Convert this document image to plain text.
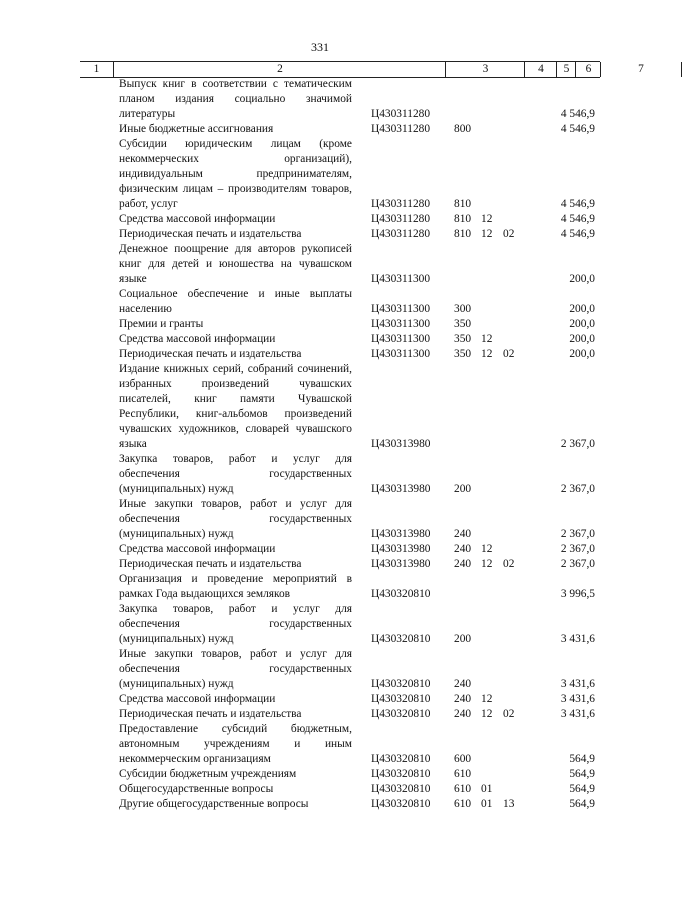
331
1	2	3	4	5	6	7
Выпуск книг в соответствии с тематическим планом издания социально значимой литературы	Ц430311280	4 546,9
Иные бюджетные ассигнования	Ц430311280 800	4 546,9
Субсидии юридическим лицам (кроме некоммерческих организаций), индивидуальным предпринимателям, физическим лицам – производителям товаров, работ, услуг	Ц430311280 810	4 546,9
Средства массовой информации	Ц430311280 810 12	4 546,9
Периодическая печать и издательства	Ц430311280 810 12 02	4 546,9
Денежное поощрение для авторов рукописей книг для детей и юношества на чувашском языке	Ц430311300	200,0
Социальное обеспечение и иные выплаты населению	Ц430311300 300	200,0
Премии и гранты	Ц430311300 350	200,0
Средства массовой информации	Ц430311300 350 12	200,0
Периодическая печать и издательства	Ц430311300 350 12 02	200,0
Издание книжных серий, собраний сочинений, избранных произведений чувашских писателей, книг памяти Чувашской Республики, книг-альбомов произведений чувашских художников, словарей чувашского языка	Ц430313980	2 367,0
Закупка товаров, работ и услуг для обеспечения государственных (муниципальных) нужд	Ц430313980 200	2 367,0
Иные закупки товаров, работ и услуг для обеспечения государственных (муниципальных) нужд	Ц430313980 240	2 367,0
Средства массовой информации	Ц430313980 240 12	2 367,0
Периодическая печать и издательства	Ц430313980 240 12 02	2 367,0
Организация и проведение мероприятий в рамках Года выдающихся земляков	Ц430320810	3 996,5
Закупка товаров, работ и услуг для обеспечения государственных (муниципальных) нужд	Ц430320810 200	3 431,6
Иные закупки товаров, работ и услуг для обеспечения государственных (муниципальных) нужд	Ц430320810 240	3 431,6
Средства массовой информации	Ц430320810 240 12	3 431,6
Периодическая печать и издательства	Ц430320810 240 12 02	3 431,6
Предоставление субсидий бюджетным, автономным учреждениям и иным некоммерческим организациям	Ц430320810 600	564,9
Субсидии бюджетным учреждениям	Ц430320810 610	564,9
Общегосударственные вопросы	Ц430320810 610 01	564,9
Другие общегосударственные вопросы	Ц430320810 610 01 13	564,9
